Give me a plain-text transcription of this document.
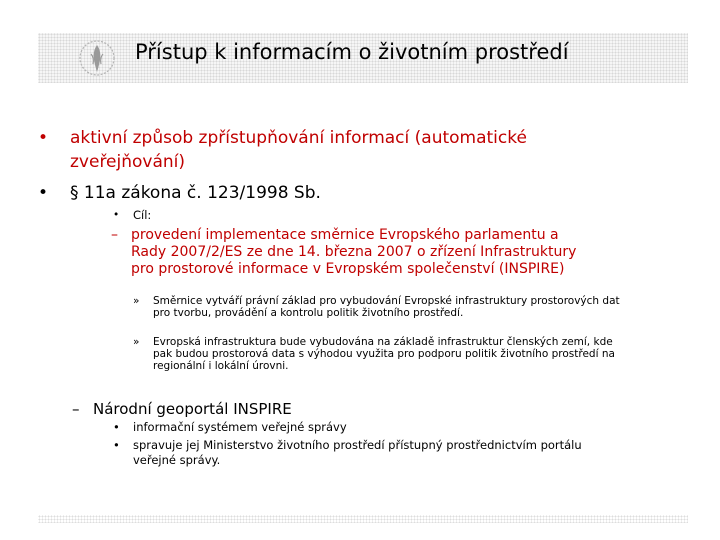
Přístup k informacím o životním prostředí
• aktivní způsob zpřístupňování informací (automatické
zveřejňování)
• § 11a zákona č. 123/1998 Sb.
• Cíl:
– provedení implementace směrnice Evropského parlamentu a
Rady 2007/2/ES ze dne 14. března 2007 o zřízení Infrastruktury
pro prostorové informace v Evropském společenství (INSPIRE)
» Směrnice vytváří právní základ pro vybudování Evropské infrastruktury prostorových dat
pro tvorbu, provádění a kontrolu politik životního prostředí.
» Evropská infrastruktura bude vybudována na základě infrastruktur členských zemí, kde
pak budou prostorová data s výhodou využita pro podporu politik životního prostředí na
regionální i lokální úrovni.
– Národní geoportál INSPIRE
• informační systémem veřejné správy
• spravuje jej Ministerstvo životního prostředí přístupný prostřednictvím portálu
veřejné správy.
